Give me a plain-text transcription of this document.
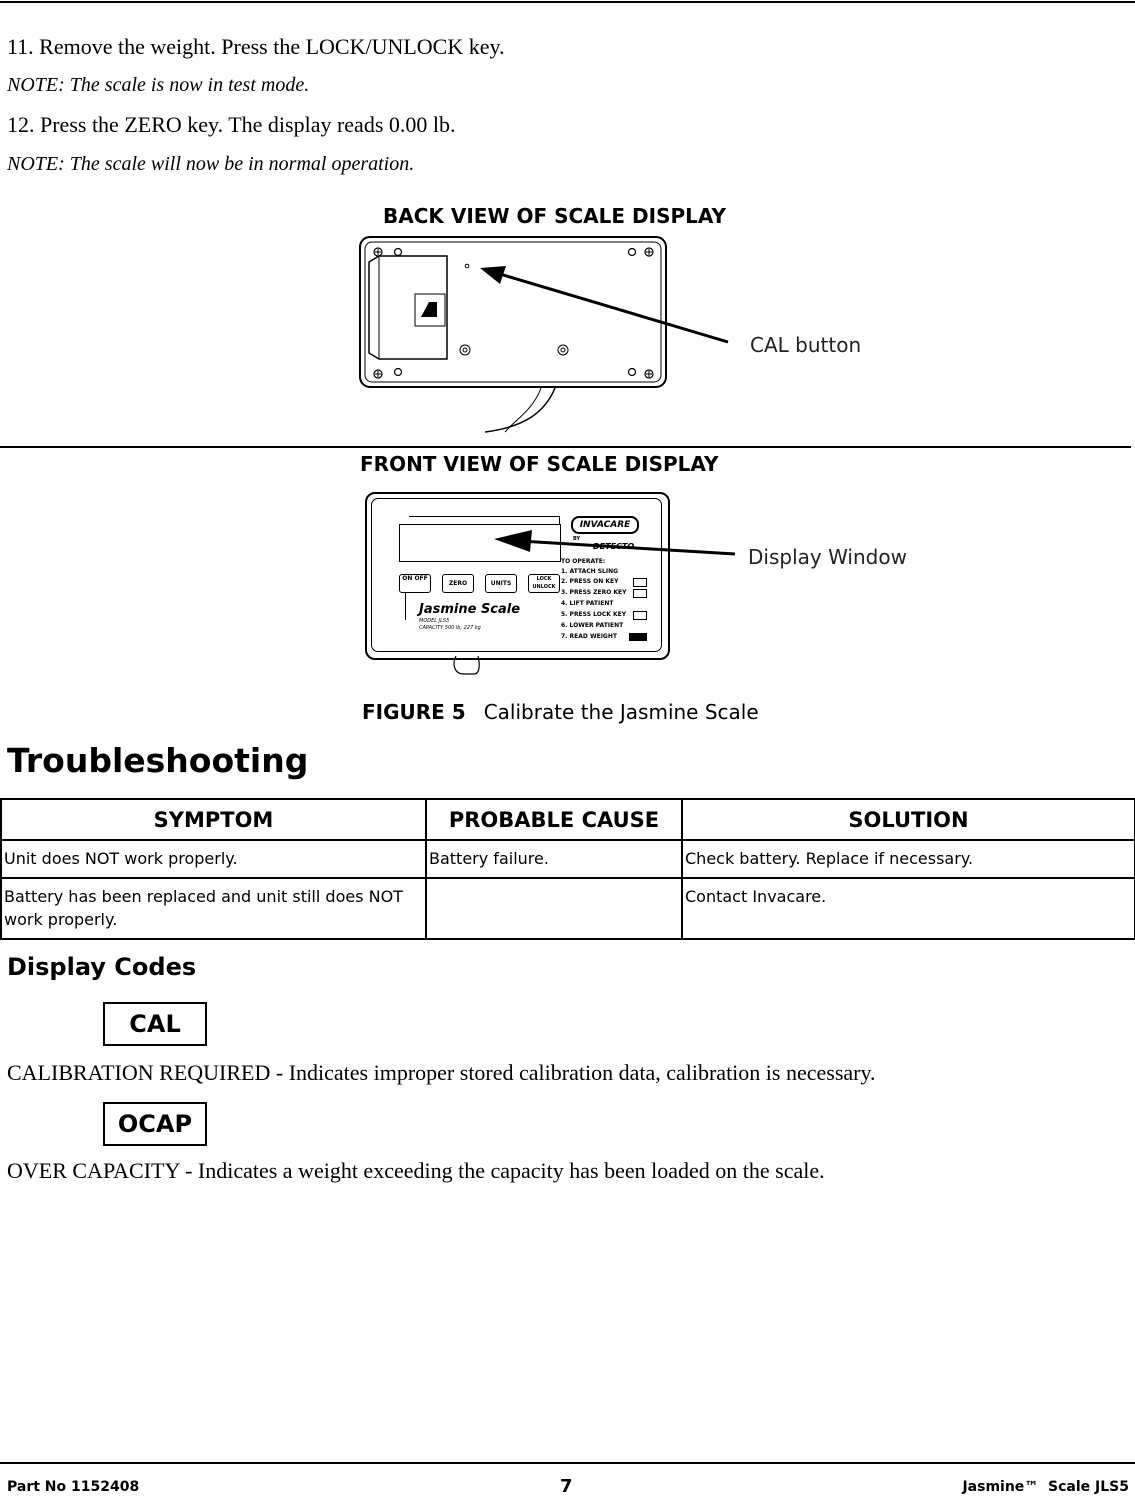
11. Remove the weight. Press the LOCK/UNLOCK key.
NOTE: The scale is now in test mode.
12. Press the ZERO key. The display reads 0.00 lb.
NOTE: The scale will now be in normal operation.
BACK VIEW OF SCALE DISPLAY
CAL button
FRONT VIEW OF SCALE DISPLAY
ON OFF
ZERO	UNITS
LOCK UNLOCK
INVACARE
BY
TO OPERATE:
1. ATTACH SLING
2. PRESS ON KEY
3. PRESS ZERO KEY
4. LIFT PATIENT
5. PRESS LOCK KEY
6. LOWER PATIENT
7. READ WEIGHT
Jasmine Scale
MODEL JLS5
CAPACITY 500 lb, 227 kg
Display Window
FIGURE 5 Calibrate the Jasmine Scale
Troubleshooting
SYMPTOM	PROBABLE CAUSE	SOLUTION
Unit does NOT work properly.	Battery failure.	Check battery. Replace if necessary.
Battery has been replaced and unit still does NOT work properly.		Contact Invacare.
Display Codes
CAL
CALIBRATION REQUIRED - Indicates improper stored calibration data, calibration is necessary.
OCAP
OVER CAPACITY - Indicates a weight exceeding the capacity has been loaded on the scale.
Part No 1152408	7	Jasmine™  Scale JLS5
